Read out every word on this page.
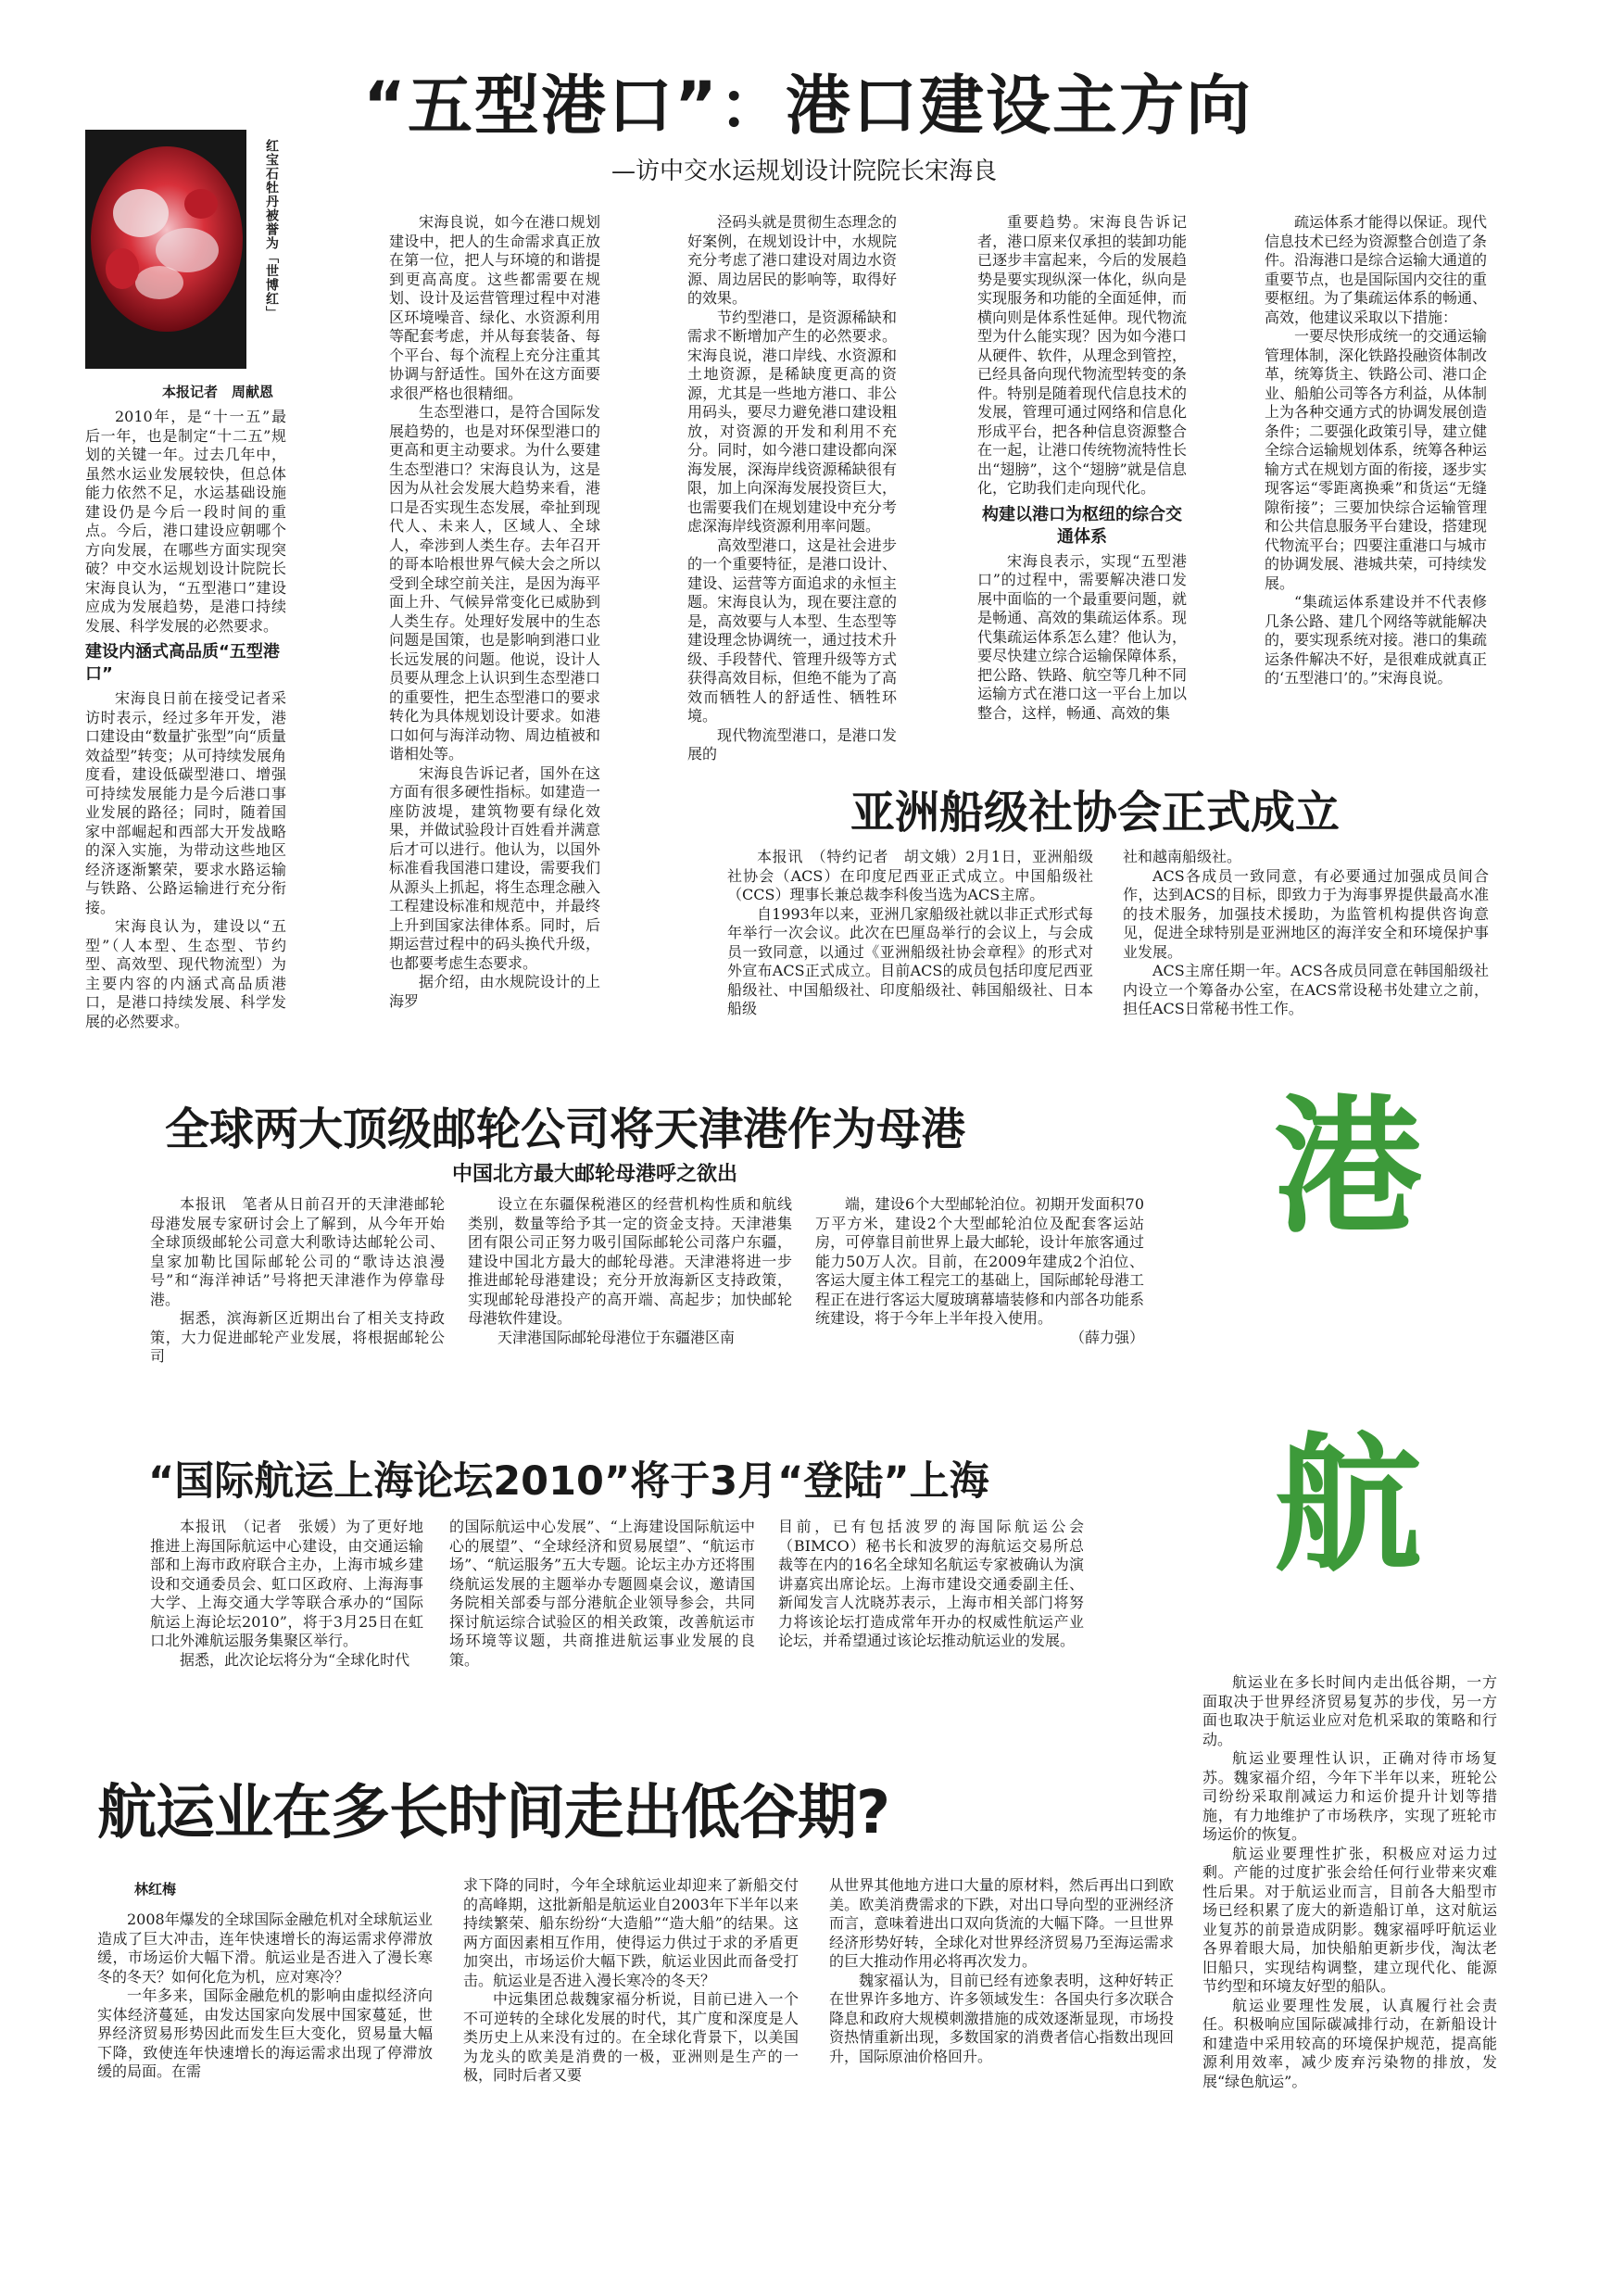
“五型港口”：港口建设主方向
—访中交水运规划设计院院长宋海良
红宝石牡丹被誉为「世博红」
本报记者　周献恩

2010年，是“十一五”最后一年，也是制定“十二五”规划的关键一年。过去几年中，虽然水运业发展较快，但总体能力依然不足，水运基础设施建设仍是今后一段时间的重点。今后，港口建设应朝哪个方向发展，在哪些方面实现突破？中交水运规划设计院院长宋海良认为，“五型港口”建设应成为发展趋势，是港口持续发展、科学发展的必然要求。

建设内涵式高品质“五型港口”

宋海良日前在接受记者采访时表示，经过多年开发，港口建设由“数量扩张型”向“质量效益型”转变；从可持续发展角度看，建设低碳型港口、增强可持续发展能力是今后港口事业发展的路径；同时，随着国家中部崛起和西部大开发战略的深入实施，为带动这些地区经济逐渐繁荣，要求水路运输与铁路、公路运输进行充分衔接。

宋海良认为，建设以“五型”（人本型、生态型、节约型、高效型、现代物流型）为主要内容的内涵式高品质港口，是港口持续发展、科学发展的必然要求。

宋海良说，如今在港口规划建设中，把人的生命需求真正放在第一位，把人与环境的和谐提到更高高度。这些都需要在规划、设计及运营管理过程中对港区环境噪音、绿化、水资源利用等配套考虑，并从每套装备、每个平台、每个流程上充分注重其协调与舒适性。国外在这方面要求很严格也很精细。

生态型港口，是符合国际发展趋势的，也是对环保型港口的更高和更主动要求。为什么要建生态型港口？宋海良认为，这是因为从社会发展大趋势来看，港口是否实现生态发展，牵扯到现代人、未来人，区域人、全球人，牵涉到人类生存。去年召开的哥本哈根世界气候大会之所以受到全球空前关注，是因为海平面上升、气候异常变化已威胁到人类生存。处理好发展中的生态问题是国策，也是影响到港口业长远发展的问题。他说，设计人员要从理念上认识到生态型港口的重要性，把生态型港口的要求转化为具体规划设计要求。如港口如何与海洋动物、周边植被和谐相处等。

宋海良告诉记者，国外在这方面有很多硬性指标。如建造一座防波堤，建筑物要有绿化效果，并做试验段计百姓看并满意后才可以进行。他认为，以国外标准看我国港口建设，需要我们从源头上抓起，将生态理念融入工程建设标准和规范中，并最终上升到国家法律体系。同时，后期运营过程中的码头换代升级，也都要考虑生态要求。

据介绍，由水规院设计的上海罗

泾码头就是贯彻生态理念的好案例，在规划设计中，水规院充分考虑了港口建设对周边水资源、周边居民的影响等，取得好的效果。

节约型港口，是资源稀缺和需求不断增加产生的必然要求。宋海良说，港口岸线、水资源和土地资源，是稀缺度更高的资源，尤其是一些地方港口、非公用码头，要尽力避免港口建设粗放，对资源的开发和利用不充分。同时，如今港口建设都向深海发展，深海岸线资源稀缺很有限，加上向深海发展投资巨大，也需要我们在规划建设中充分考虑深海岸线资源利用率问题。

高效型港口，这是社会进步的一个重要特征，是港口设计、建设、运营等方面追求的永恒主题。宋海良认为，现在要注意的是，高效要与人本型、生态型等建设理念协调统一，通过技术升级、手段替代、管理升级等方式获得高效目标，但绝不能为了高效而牺牲人的舒适性、牺牲环境。

现代物流型港口，是港口发展的

重要趋势。宋海良告诉记者，港口原来仅承担的装卸功能已逐步丰富起来，今后的发展趋势是要实现纵深一体化，纵向是实现服务和功能的全面延伸，而横向则是体系性延伸。现代物流型为什么能实现？因为如今港口从硬件、软件，从理念到管控，已经具备向现代物流型转变的条件。特别是随着现代信息技术的发展，管理可通过网络和信息化形成平台，把各种信息资源整合在一起，让港口传统物流特性长出“翅膀”，这个“翅膀”就是信息化，它助我们走向现代化。

构建以港口为枢纽的综合交通体系

宋海良表示，实现“五型港口”的过程中，需要解决港口发展中面临的一个最重要问题，就是畅通、高效的集疏运体系。现代集疏运体系怎么建？他认为，要尽快建立综合运输保障体系，把公路、铁路、航空等几种不同运输方式在港口这一平台上加以整合，这样，畅通、高效的集

疏运体系才能得以保证。现代信息技术已经为资源整合创造了条件。沿海港口是综合运输大通道的重要节点，也是国际国内交往的重要枢纽。为了集疏运体系的畅通、高效，他建议采取以下措施：

一要尽快形成统一的交通运输管理体制，深化铁路投融资体制改革，统筹货主、铁路公司、港口企业、船舶公司等各方利益，从体制上为各种交通方式的协调发展创造条件；二要强化政策引导，建立健全综合运输规划体系，统筹各种运输方式在规划方面的衔接，逐步实现客运“零距离换乘”和货运“无缝隙衔接”；三要加快综合运输管理和公共信息服务平台建设，搭建现代物流平台；四要注重港口与城市的协调发展、港城共荣，可持续发展。

“集疏运体系建设并不代表修几条公路、建几个网络等就能解决的，要实现系统对接。港口的集疏运条件解决不好，是很难成就真正的‘五型港口’的。”宋海良说。

亚洲船级社协会正式成立

本报讯　（特约记者　胡文娥）2月1日，亚洲船级社协会（ACS）在印度尼西亚正式成立。中国船级社（CCS）理事长兼总裁李科俊当选为ACS主席。

自1993年以来，亚洲几家船级社就以非正式形式每年举行一次会议。此次在巴厘岛举行的会议上，与会成员一致同意，以通过《亚洲船级社协会章程》的形式对外宣布ACS正式成立。目前ACS的成员包括印度尼西亚船级社、中国船级社、印度船级社、韩国船级社、日本船级

社和越南船级社。

ACS各成员一致同意，有必要通过加强成员间合作，达到ACS的目标，即致力于为海事界提供最高水准的技术服务，加强技术援助，为监管机构提供咨询意见，促进全球特别是亚洲地区的海洋安全和环境保护事业发展。

ACS主席任期一年。ACS各成员同意在韩国船级社内设立一个筹备办公室，在ACS常设秘书处建立之前，担任ACS日常秘书性工作。

全球两大顶级邮轮公司将天津港作为母港
中国北方最大邮轮母港呼之欲出

本报讯　笔者从日前召开的天津港邮轮母港发展专家研讨会上了解到，从今年开始全球顶级邮轮公司意大利歌诗达邮轮公司、皇家加勒比国际邮轮公司的“歌诗达浪漫号”和“海洋神话”号将把天津港作为停靠母港。

据悉，滨海新区近期出台了相关支持政策，大力促进邮轮产业发展，将根据邮轮公司

设立在东疆保税港区的经营机构性质和航线类别，数量等给予其一定的资金支持。天津港集团有限公司正努力吸引国际邮轮公司落户东疆，建设中国北方最大的邮轮母港。天津港将进一步推进邮轮母港建设；充分开放海新区支持政策，实现邮轮母港投产的高开端、高起步；加快邮轮母港软件建设。

天津港国际邮轮母港位于东疆港区南

端，建设6个大型邮轮泊位。初期开发面积70万平方米，建设2个大型邮轮泊位及配套客运站房，可停靠目前世界上最大邮轮，设计年旅客通过能力50万人次。目前，在2009年建成2个泊位、客运大厦主体工程完工的基础上，国际邮轮母港工程正在进行客运大厦玻璃幕墙装修和内部各功能系统建设，将于今年上半年投入使用。

（薛力强）

“国际航运上海论坛2010”将于3月“登陆”上海

本报讯　（记者　张媛）为了更好地推进上海国际航运中心建设，由交通运输部和上海市政府联合主办，上海市城乡建设和交通委员会、虹口区政府、上海海事大学、上海交通大学等联合承办的“国际航运上海论坛2010”，将于3月25日在虹口北外滩航运服务集聚区举行。

据悉，此次论坛将分为“全球化时代

的国际航运中心发展”、“上海建设国际航运中心的展望”、“全球经济和贸易展望”、“航运市场”、“航运服务”五大专题。论坛主办方还将围绕航运发展的主题举办专题圆桌会议，邀请国务院相关部委与部分港航企业领导参会，共同探讨航运综合试验区的相关政策，改善航运市场环境等议题，共商推进航运事业发展的良策。

目前，已有包括波罗的海国际航运公会（BIMCO）秘书长和波罗的海航运交易所总裁等在内的16名全球知名航运专家被确认为演讲嘉宾出席论坛。上海市建设交通委副主任、新闻发言人沈晓苏表示，上海市相关部门将努力将该论坛打造成常年开办的权威性航运产业论坛，并希望通过该论坛推动航运业的发展。

港
航

航运业在多长时间内走出低谷期，一方面取决于世界经济贸易复苏的步伐，另一方面也取决于航运业应对危机采取的策略和行动。

航运业要理性认识，正确对待市场复苏。魏家福介绍，今年下半年以来，班轮公司纷纷采取削减运力和运价提升计划等措施，有力地维护了市场秩序，实现了班轮市场运价的恢复。

航运业要理性扩张，积极应对运力过剩。产能的过度扩张会给任何行业带来灾难性后果。对于航运业而言，目前各大船型市场已经积累了庞大的新造船订单，这对航运业复苏的前景造成阴影。魏家福呼吁航运业各界着眼大局，加快船舶更新步伐，淘汰老旧船只，实现结构调整，建立现代化、能源节约型和环境友好型的船队。

航运业要理性发展，认真履行社会责任。积极响应国际碳减排行动，在新船设计和建造中采用较高的环境保护规范，提高能源利用效率，减少废弃污染物的排放，发展“绿色航运”。

航运业在多长时间走出低谷期?
林红梅

2008年爆发的全球国际金融危机对全球航运业造成了巨大冲击，连年快速增长的海运需求停滞放缓，市场运价大幅下滑。航运业是否进入了漫长寒冬的冬天？如何化危为机，应对寒冷？

一年多来，国际金融危机的影响由虚拟经济向实体经济蔓延，由发达国家向发展中国家蔓延，世界经济贸易形势因此而发生巨大变化，贸易量大幅下降，致使连年快速增长的海运需求出现了停滞放缓的局面。在需

求下降的同时，今年全球航运业却迎来了新船交付的高峰期，这批新船是航运业自2003年下半年以来持续繁荣、船东纷纷“大造船”“造大船”的结果。这两方面因素相互作用，使得运力供过于求的矛盾更加突出，市场运价大幅下跌，航运业因此而备受打击。航运业是否进入漫长寒冷的冬天？

中远集团总裁魏家福分析说，目前已进入一个不可逆转的全球化发展的时代，其广度和深度是人类历史上从来没有过的。在全球化背景下，以美国为龙头的欧美是消费的一极，亚洲则是生产的一极，同时后者又要

从世界其他地方进口大量的原材料，然后再出口到欧美。欧美消费需求的下跌，对出口导向型的亚洲经济而言，意味着进出口双向货流的大幅下降。一旦世界经济形势好转，全球化对世界经济贸易乃至海运需求的巨大推动作用必将再次发力。

魏家福认为，目前已经有迹象表明，这种好转正在世界许多地方、许多领域发生：各国央行多次联合降息和政府大规模刺激措施的成效逐渐显现，市场投资热情重新出现，多数国家的消费者信心指数出现回升，国际原油价格回升。
